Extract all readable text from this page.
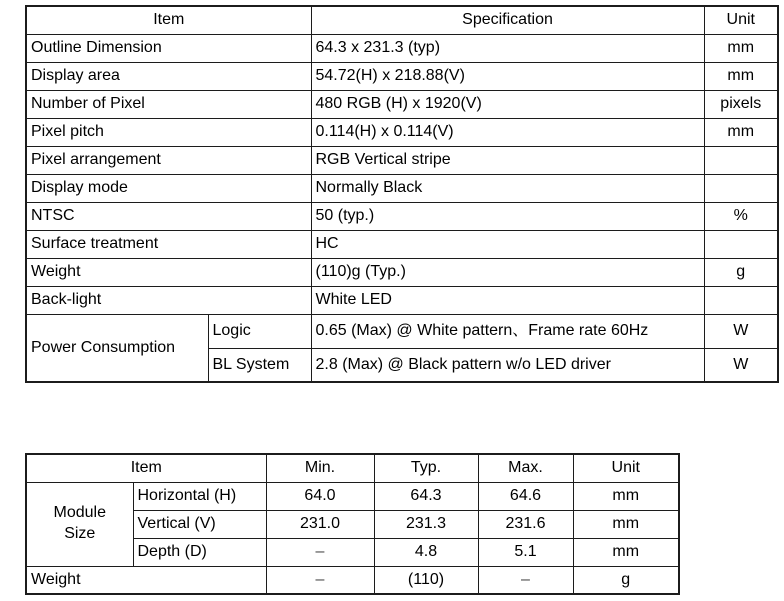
Item		Specification	Unit
Outline Dimension		64.3 x 231.3 (typ)	mm
Display area		54.72(H) x 218.88(V)	mm
Number of Pixel		480 RGB (H) x 1920(V)	pixels
Pixel pitch		0.114(H) x 0.114(V)	mm
Pixel arrangement		RGB Vertical stripe	
Display mode		Normally Black	
NTSC		50 (typ.)	%
Surface treatment		HC	
Weight		(110)g (Typ.)	g
Back-light		White LED	
Power Consumption	Logic	0.65 (Max) @ White pattern、Frame rate 60Hz	W
	BL System	2.8 (Max) @ Black pattern w/o LED driver	W
Item		Min.	Typ.	Max.	Unit
Module Size	Horizontal (H)	64.0	64.3	64.6	mm
	Vertical (V)	231.0	231.3	231.6	mm
	Depth (D)	–	4.8	5.1	mm
Weight		–	(110)	–	g
